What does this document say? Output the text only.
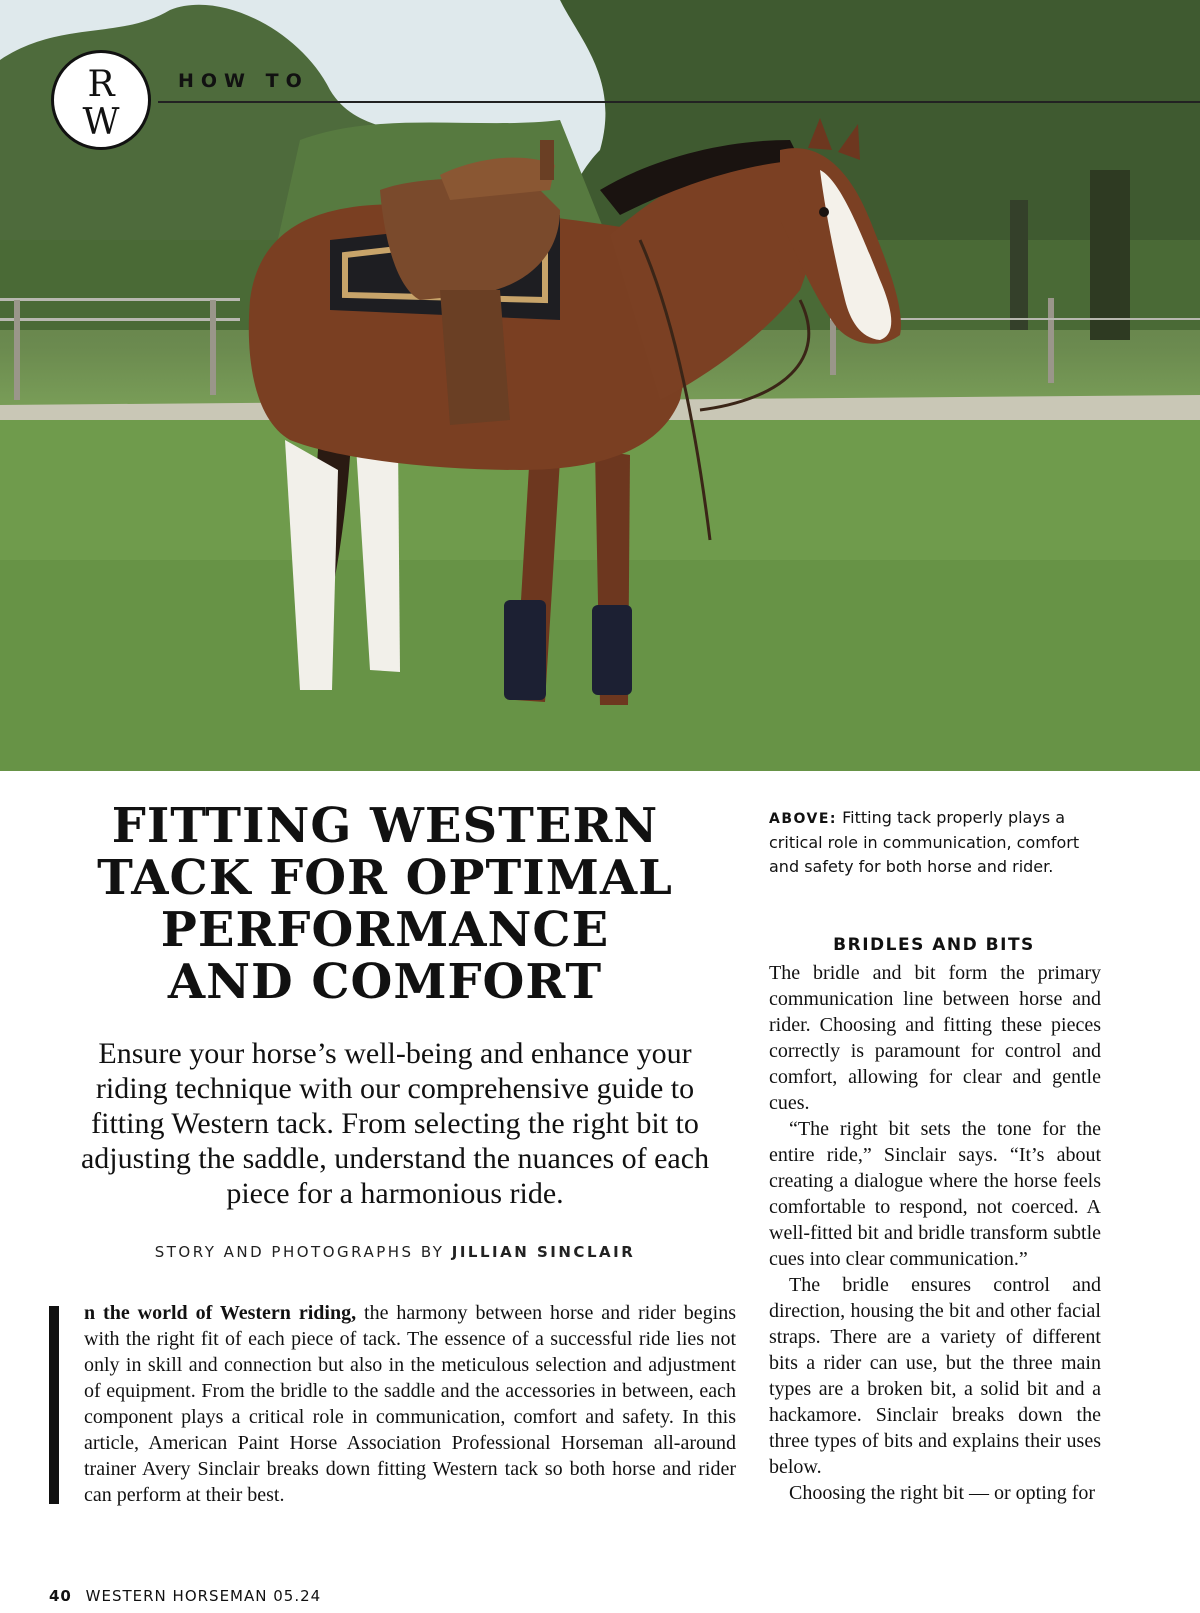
R
W
HOW TO
FITTING WESTERN TACK FOR OPTIMAL PERFORMANCE AND COMFORT

Ensure your horse’s well-being and enhance your riding technique with our comprehensive guide to fitting Western tack. From selecting the right bit to adjusting the saddle, understand the nuances of each piece for a harmonious ride.

STORY AND PHOTOGRAPHS BY JILLIAN SINCLAIR

n the world of Western riding, the harmony between horse and rider begins with the right fit of each piece of tack. The essence of a successful ride lies not only in skill and connection but also in the meticulous selection and adjustment of equipment. From the bridle to the saddle and the accessories in between, each component plays a critical role in communication, comfort and safety. In this article, American Paint Horse Association Professional Horseman all-around trainer Avery Sinclair breaks down fitting Western tack so both horse and rider can perform at their best.

ABOVE: Fitting tack properly plays a critical role in communication, comfort and safety for both horse and rider.

BRIDLES AND BITS

The bridle and bit form the primary communication line between horse and rider. Choosing and fitting these pieces correctly is paramount for control and comfort, allowing for clear and gentle cues.

“The right bit sets the tone for the entire ride,” Sinclair says. “It’s about creating a dialogue where the horse feels comfortable to respond, not coerced. A well-fitted bit and bridle transform subtle cues into clear communication.”

The bridle ensures control and direction, housing the bit and other facial straps. There are a variety of different bits a rider can use, but the three main types are a broken bit, a solid bit and a hackamore. Sinclair breaks down the three types of bits and explains their uses below.

Choosing the right bit — or opting for

40 WESTERN HORSEMAN 05.24
